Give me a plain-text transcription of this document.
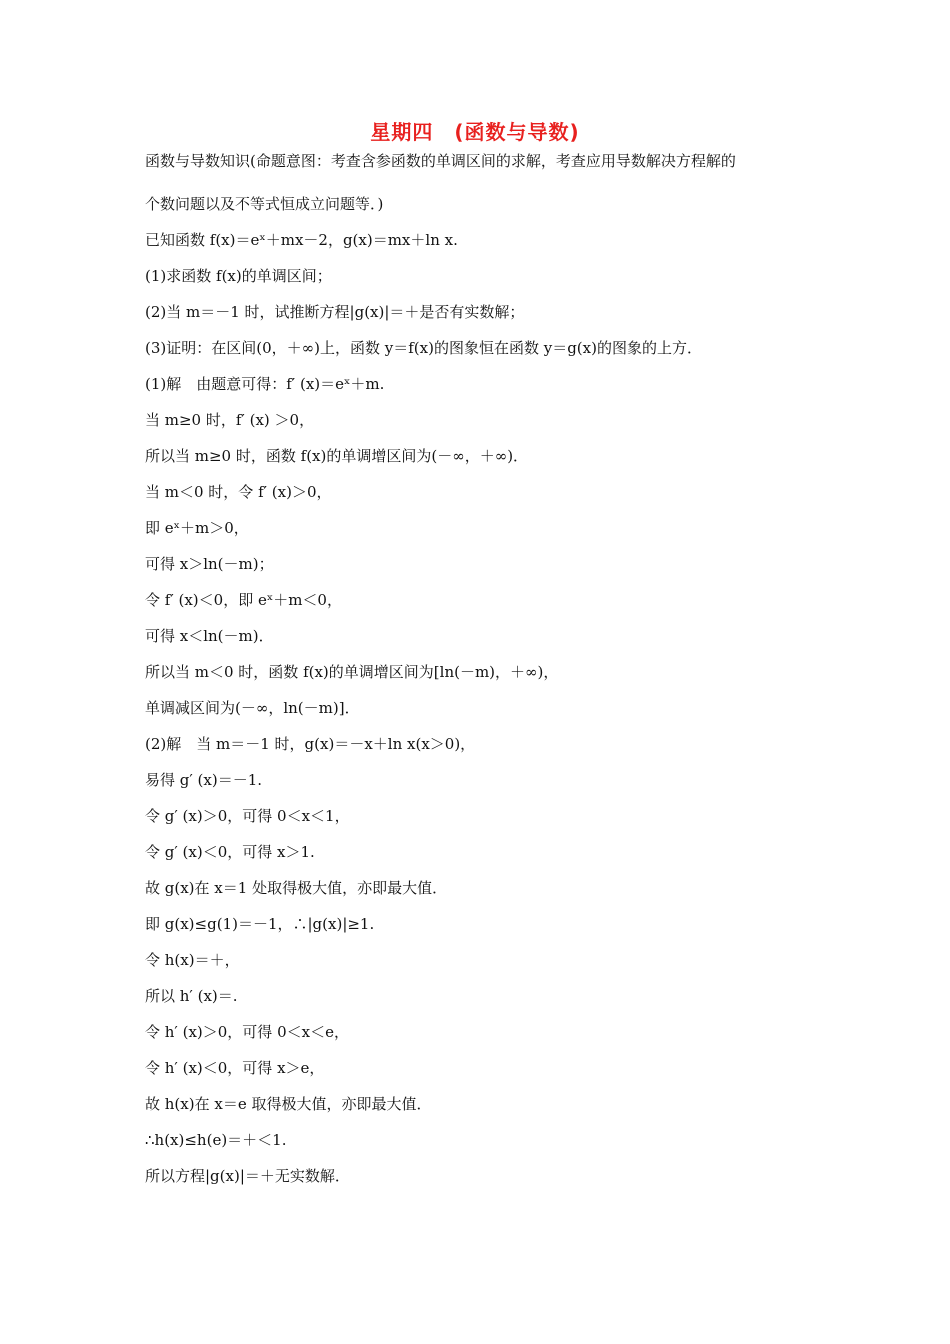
星期四　(函数与导数)
函数与导数知识(命题意图：考查含参函数的单调区间的求解，考查应用导数解决方程解的
个数问题以及不等式恒成立问题等．)
已知函数 f(x)＝eˣ＋mx－2，g(x)＝mx＋ln x.
(1)求函数 f(x)的单调区间；
(2)当 m＝－1 时，试推断方程|g(x)|＝＋是否有实数解；
(3)证明：在区间(0，＋∞)上，函数 y＝f(x)的图象恒在函数 y＝g(x)的图象的上方．
(1)解　由题意可得：f′ (x)＝eˣ＋m.
当 m≥0 时，f′ (x) ＞0，
所以当 m≥0 时，函数 f(x)的单调增区间为(－∞，＋∞)．
当 m＜0 时，令 f′ (x)＞0，
即 eˣ＋m＞0，
可得 x＞ln(－m)；
令 f′ (x)＜0，即 eˣ＋m＜0，
可得 x＜ln(－m)．
所以当 m＜0 时，函数 f(x)的单调增区间为[ln(－m)，＋∞)，
单调减区间为(－∞，ln(－m)]．
(2)解　当 m＝－1 时，g(x)＝－x＋ln x(x＞0)，
易得 g′ (x)＝－1.
令 g′ (x)＞0，可得 0＜x＜1，
令 g′ (x)＜0，可得 x＞1.
故 g(x)在 x＝1 处取得极大值，亦即最大值．
即 g(x)≤g(1)＝－1，∴|g(x)|≥1.
令 h(x)＝＋，
所以 h′ (x)＝.
令 h′ (x)＞0，可得 0＜x＜e，
令 h′ (x)＜0，可得 x＞e，
故 h(x)在 x＝e 取得极大值，亦即最大值．
∴h(x)≤h(e)＝＋＜1.
所以方程|g(x)|＝＋无实数解．
